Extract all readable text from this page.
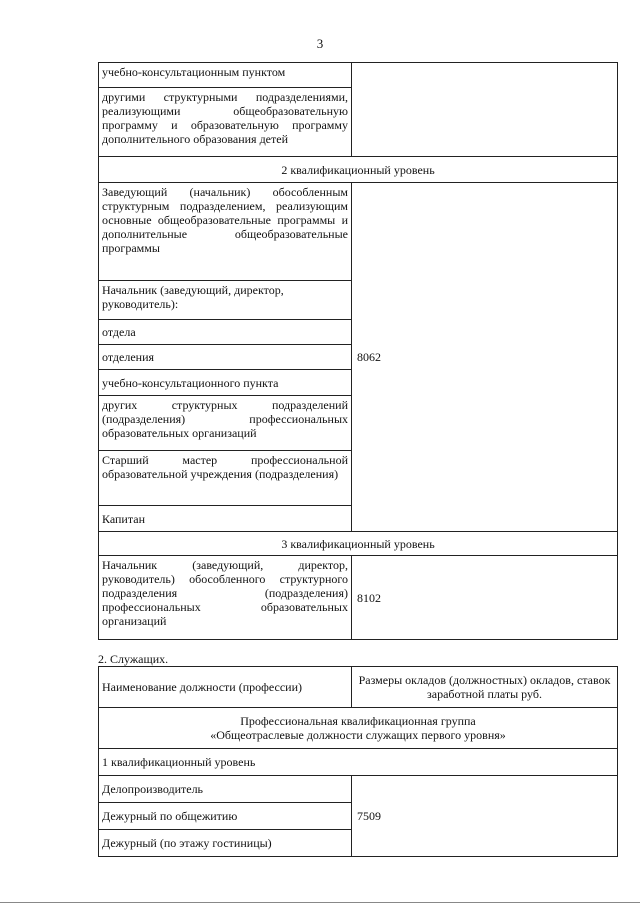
3
учебно-консультационным пунктом	
другими структурными подразделениями, реализующими общеобразовательную программу и образовательную программу дополнительного образования детей	
2 квалификационный уровень	
Заведующий (начальник) обособленным структурным подразделением, реализующим основные общеобразовательные программы и дополнительные общеобразовательные программы	8062
Начальник (заведующий, директор, руководитель):	
отдела	
отделения	
учебно-консультационного пункта	
других структурных подразделений (подразделения) профессиональных образовательных организаций	
Старший мастер профессиональной образовательной учреждения (подразделения)	
Капитан	
3 квалификационный уровень	
Начальник (заведующий, директор, руководитель) обособленного структурного подразделения (подразделения) профессиональных образовательных организаций	8102
2. Служащих.
Наименование должности (профессии)	Размеры окладов (должностных) окладов, ставок заработной платы руб.

Профессиональная квалификационная группа
«Общеотраслевые должности служащих первого уровня»	

1 квалификационный уровень	
Делопроизводитель	7509
Дежурный по общежитию	
Дежурный (по этажу гостиницы)	
